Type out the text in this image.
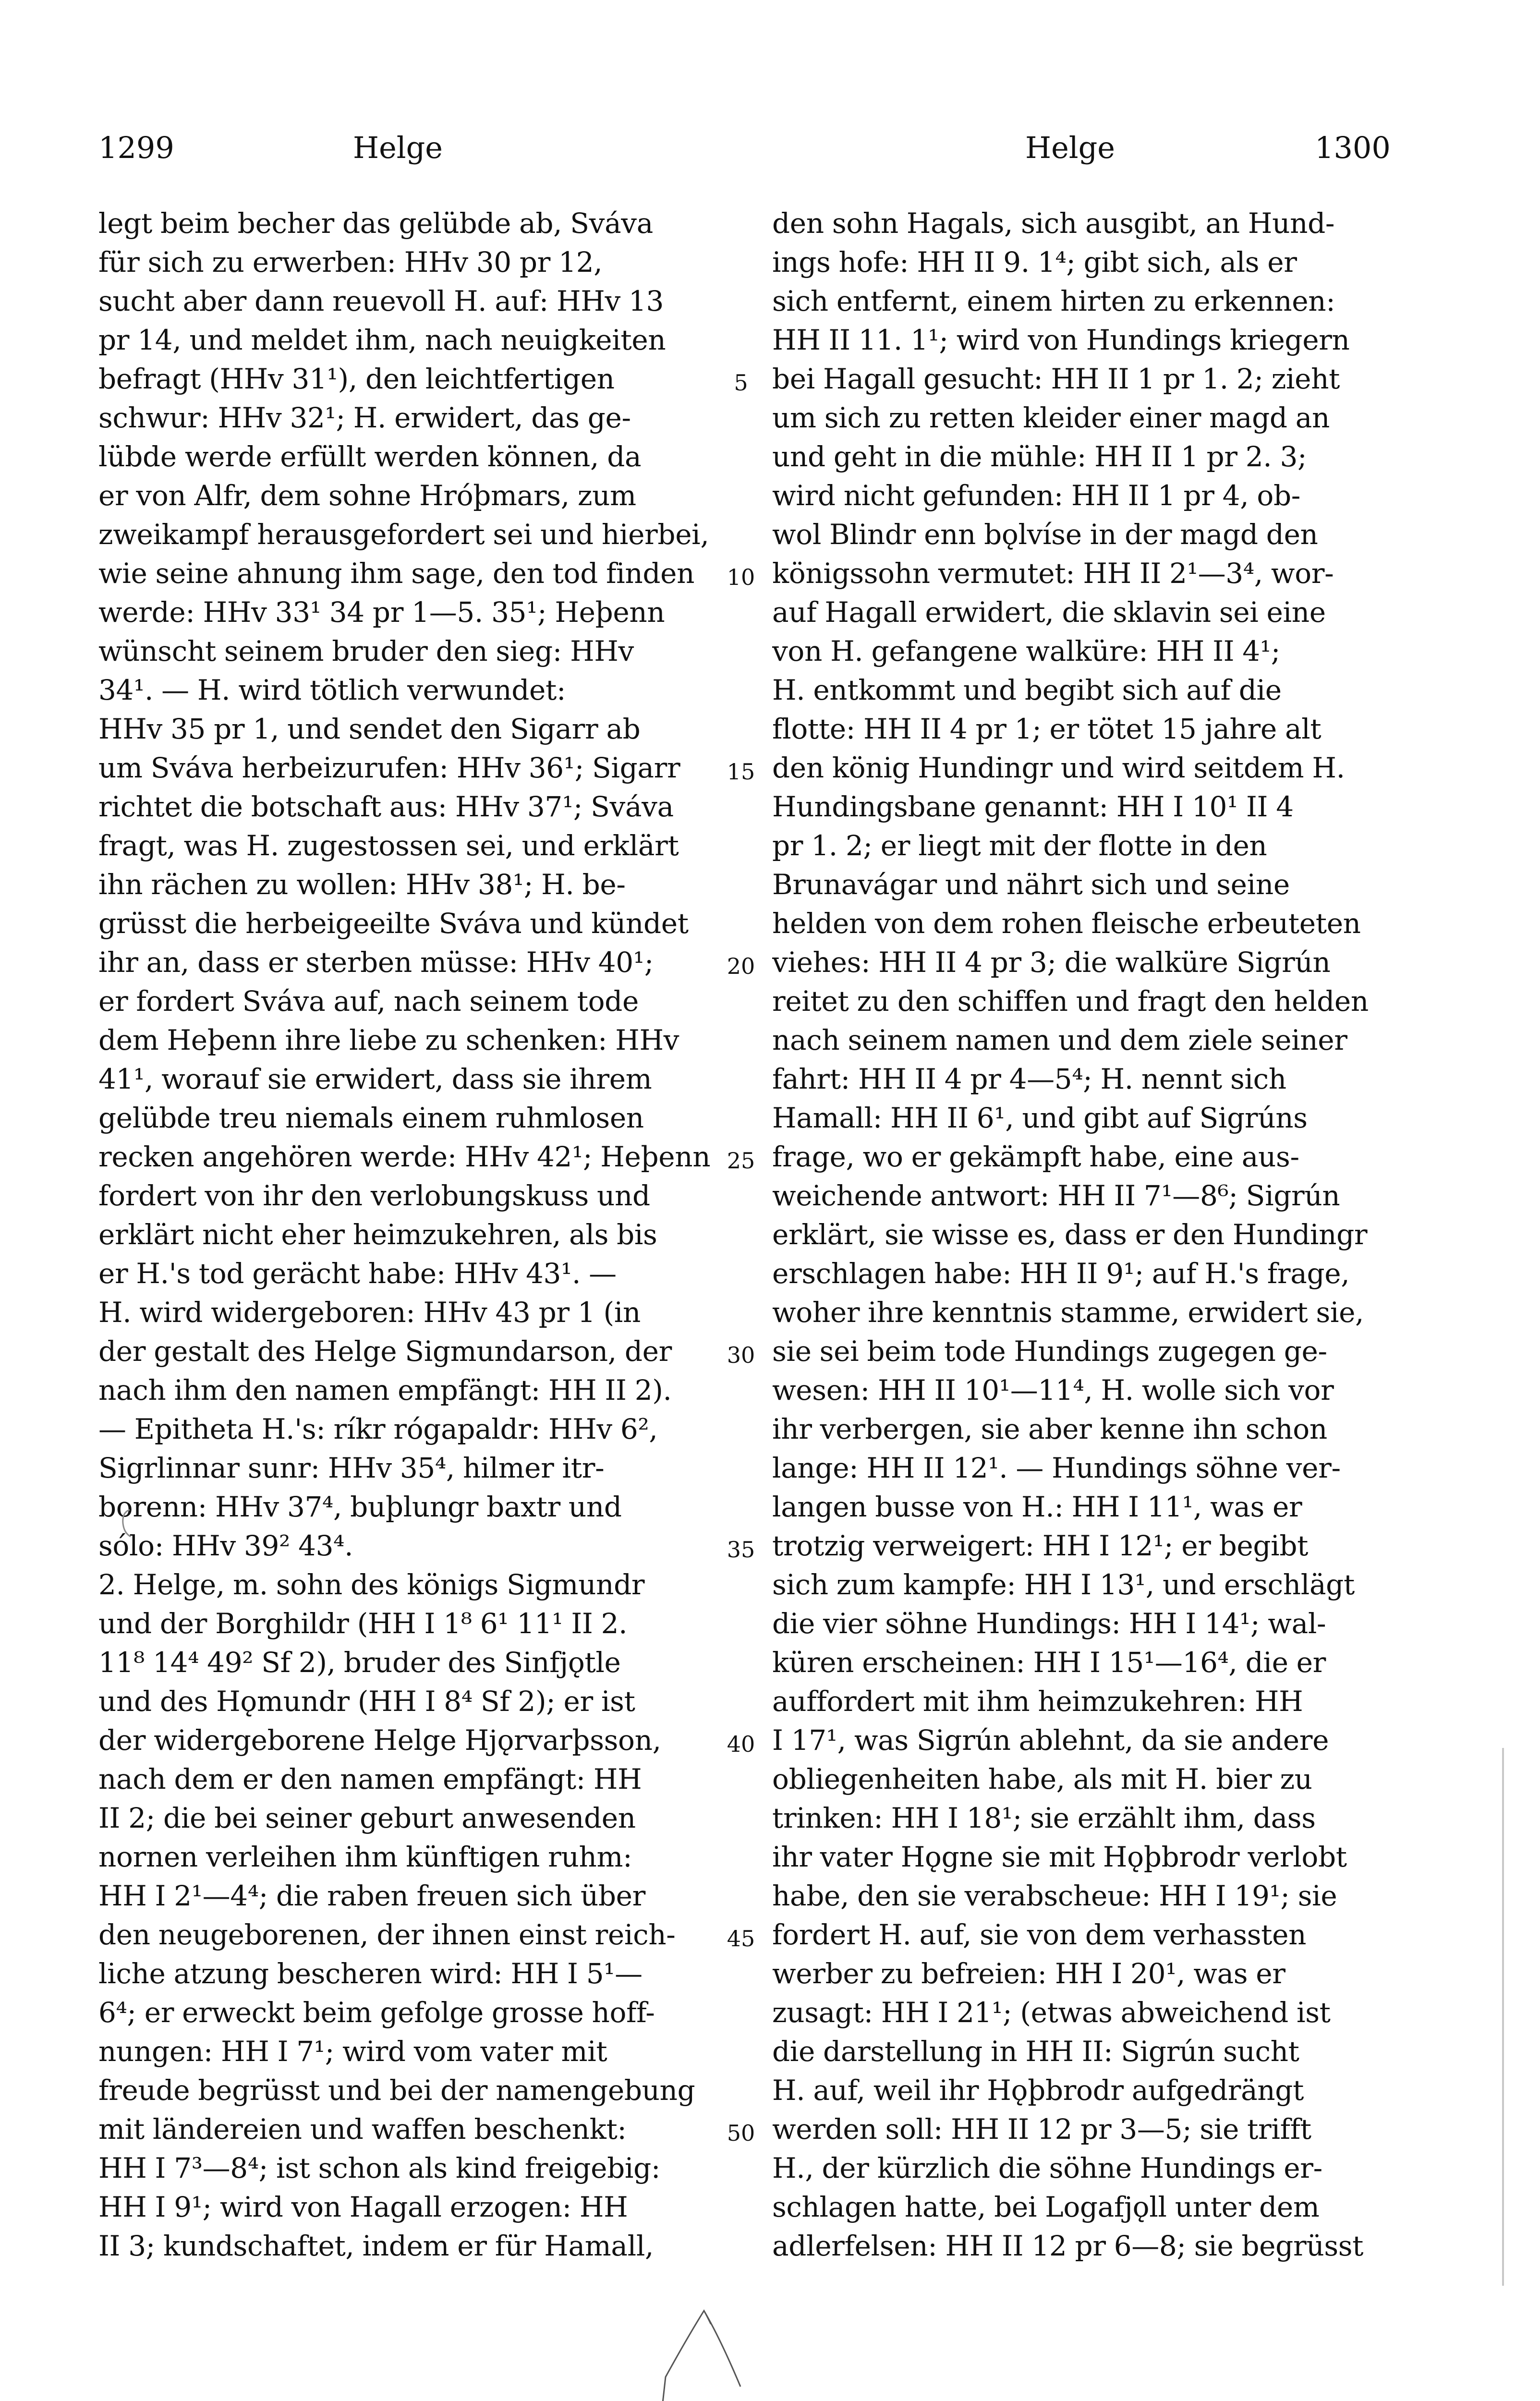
1299	Helge	Helge	1300
legt beim becher das gelübde ab, Sváva
für sich zu erwerben: HHv 30 pr 12,
sucht aber dann reuevoll H. auf: HHv 13
pr 14, und meldet ihm, nach neuigkeiten
befragt (HHv 31¹), den leichtfertigen
schwur: HHv 32¹; H. erwidert, das ge-
lübde werde erfüllt werden können, da
er von Alfr, dem sohne Hróþmars, zum
zweikampf herausgefordert sei und hierbei,
wie seine ahnung ihm sage, den tod finden
werde: HHv 33¹ 34 pr 1—5. 35¹; Heþenn
wünscht seinem bruder den sieg: HHv
34¹. — H. wird tötlich verwundet:
HHv 35 pr 1, und sendet den Sigarr ab
um Sváva herbeizurufen: HHv 36¹; Sigarr
richtet die botschaft aus: HHv 37¹; Sváva
fragt, was H. zugestossen sei, und erklärt
ihn rächen zu wollen: HHv 38¹; H. be-
grüsst die herbeigeeilte Sváva und kündet
ihr an, dass er sterben müsse: HHv 40¹;
er fordert Sváva auf, nach seinem tode
dem Heþenn ihre liebe zu schenken: HHv
41¹, worauf sie erwidert, dass sie ihrem
gelübde treu niemals einem ruhmlosen
recken angehören werde: HHv 42¹; Heþenn
fordert von ihr den verlobungskuss und
erklärt nicht eher heimzukehren, als bis
er H.'s tod gerächt habe: HHv 43¹. —
H. wird widergeboren: HHv 43 pr 1 (in
der gestalt des Helge Sigmundarson, der
nach ihm den namen empfängt: HH II 2).
— Epitheta H.'s: ríkr rógapaldr: HHv 6²,
Sigrlinnar sunr: HHv 35⁴, hilmer itr-
borenn: HHv 37⁴, buþlungr baxtr und
sólo: HHv 39² 43⁴.
2. Helge, m. sohn des königs Sigmundr
und der Borghildr (HH I 1⁸ 6¹ 11¹ II 2.
11⁸ 14⁴ 49² Sf 2), bruder des Sinfjǫtle
und des Hǫmundr (HH I 8⁴ Sf 2); er ist
der widergeborene Helge Hjǫrvarþsson,
nach dem er den namen empfängt: HH
II 2; die bei seiner geburt anwesenden
nornen verleihen ihm künftigen ruhm:
HH I 2¹—4⁴; die raben freuen sich über
den neugeborenen, der ihnen einst reich-
liche atzung bescheren wird: HH I 5¹—
6⁴; er erweckt beim gefolge grosse hoff-
nungen: HH I 7¹; wird vom vater mit
freude begrüsst und bei der namengebung
mit ländereien und waffen beschenkt:
HH I 7³—8⁴; ist schon als kind freigebig:
HH I 9¹; wird von Hagall erzogen: HH
II 3; kundschaftet, indem er für Hamall,
5
10
15
20
25
30
35
40
45
50
den sohn Hagals, sich ausgibt, an Hund-
ings hofe: HH II 9. 1⁴; gibt sich, als er
sich entfernt, einem hirten zu erkennen:
HH II 11. 1¹; wird von Hundings kriegern
bei Hagall gesucht: HH II 1 pr 1. 2; zieht
um sich zu retten kleider einer magd an
und geht in die mühle: HH II 1 pr 2. 3;
wird nicht gefunden: HH II 1 pr 4, ob-
wol Blindr enn bǫlvíse in der magd den
königssohn vermutet: HH II 2¹—3⁴, wor-
auf Hagall erwidert, die sklavin sei eine
von H. gefangene walküre: HH II 4¹;
H. entkommt und begibt sich auf die
flotte: HH II 4 pr 1; er tötet 15 jahre alt
den könig Hundingr und wird seitdem H.
Hundingsbane genannt: HH I 10¹ II 4
pr 1. 2; er liegt mit der flotte in den
Brunavágar und nährt sich und seine
helden von dem rohen fleische erbeuteten
viehes: HH II 4 pr 3; die walküre Sigrún
reitet zu den schiffen und fragt den helden
nach seinem namen und dem ziele seiner
fahrt: HH II 4 pr 4—5⁴; H. nennt sich
Hamall: HH II 6¹, und gibt auf Sigrúns
frage, wo er gekämpft habe, eine aus-
weichende antwort: HH II 7¹—8⁶; Sigrún
erklärt, sie wisse es, dass er den Hundingr
erschlagen habe: HH II 9¹; auf H.'s frage,
woher ihre kenntnis stamme, erwidert sie,
sie sei beim tode Hundings zugegen ge-
wesen: HH II 10¹—11⁴, H. wolle sich vor
ihr verbergen, sie aber kenne ihn schon
lange: HH II 12¹. — Hundings söhne ver-
langen busse von H.: HH I 11¹, was er
trotzig verweigert: HH I 12¹; er begibt
sich zum kampfe: HH I 13¹, und erschlägt
die vier söhne Hundings: HH I 14¹; wal-
küren erscheinen: HH I 15¹—16⁴, die er
auffordert mit ihm heimzukehren: HH
I 17¹, was Sigrún ablehnt, da sie andere
obliegenheiten habe, als mit H. bier zu
trinken: HH I 18¹; sie erzählt ihm, dass
ihr vater Hǫgne sie mit Hǫþbrodr verlobt
habe, den sie verabscheue: HH I 19¹; sie
fordert H. auf, sie von dem verhassten
werber zu befreien: HH I 20¹, was er
zusagt: HH I 21¹; (etwas abweichend ist
die darstellung in HH II: Sigrún sucht
H. auf, weil ihr Hǫþbrodr aufgedrängt
werden soll: HH II 12 pr 3—5; sie trifft
H., der kürzlich die söhne Hundings er-
schlagen hatte, bei Logafjǫll unter dem
adlerfelsen: HH II 12 pr 6—8; sie begrüsst
